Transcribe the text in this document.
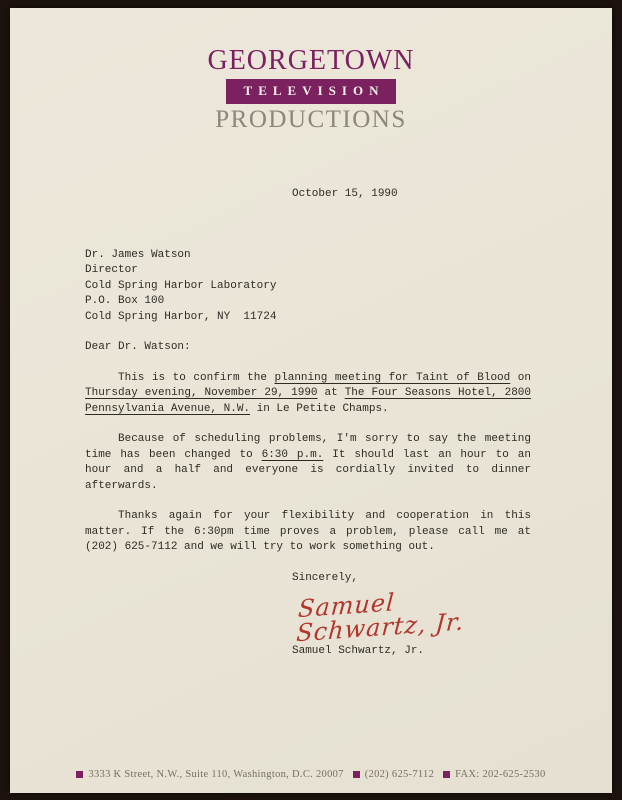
GEORGETOWN
TELEVISION
PRODUCTIONS
October 15, 1990
Dr. James Watson
Director
Cold Spring Harbor Laboratory
P.O. Box 100
Cold Spring Harbor, NY  11724
Dear Dr. Watson:

This is to confirm the planning meeting for Taint of Blood on Thursday evening, November 29, 1990 at The Four Seasons Hotel, 2800 Pennsylvania Avenue, N.W. in Le Petite Champs.

Because of scheduling problems, I'm sorry to say the meeting time has been changed to 6:30 p.m. It should last an hour to an hour and a half and everyone is cordially invited to dinner afterwards.

Thanks again for your flexibility and cooperation in this matter. If the 6:30pm time proves a problem, please call me at (202) 625-7112 and we will try to work something out.

Sincerely,
Samuel Schwartz, Jr.
Samuel Schwartz, Jr.
3333 K Street, N.W., Suite 110, Washington, D.C. 20007 (202) 625-7112 FAX: 202-625-2530
